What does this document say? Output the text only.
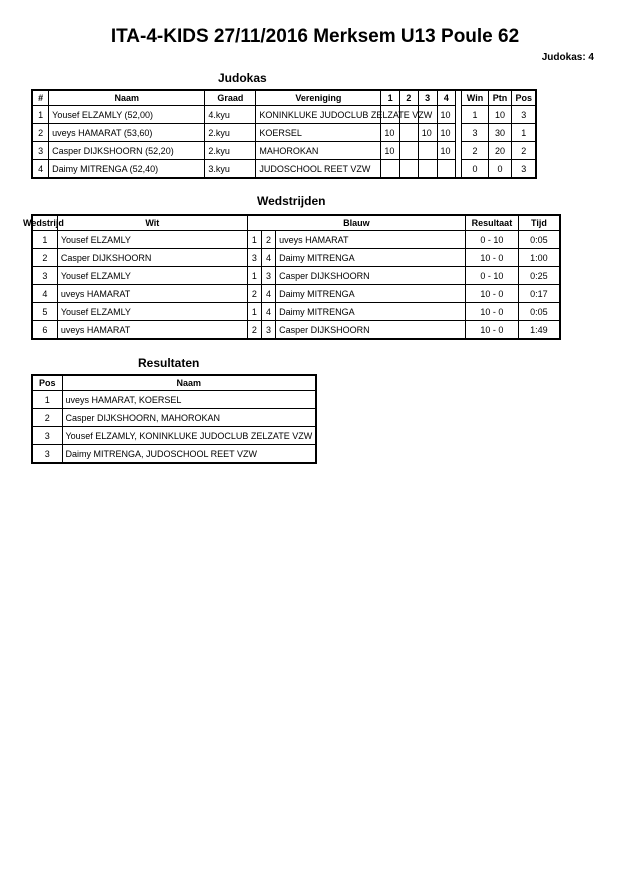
ITA-4-KIDS 27/11/2016 Merksem U13 Poule 62
Judokas: 4
Judokas
#	Naam	Graad	Vereniging	1	2	3	4		Win	Ptn	Pos
1	Yousef ELZAMLY (52,00)	4.kyu	KONINKLUKE JUDOCLUB ZELZATE VZW				10		1	10	3
2	uveys HAMARAT (53,60)	2.kyu	KOERSEL	10		10	10		3	30	1
3	Casper DIJKSHOORN (52,20)	2.kyu	MAHOROKAN	10			10		2	20	2
4	Daimy MITRENGA (52,40)	3.kyu	JUDOSCHOOL REET VZW						0	0	3
Wedstrijden
Wedstrijd	Wit	Blauw	Resultaat	Tijd
1	Yousef ELZAMLY	1	2	uveys HAMARAT	0 - 10	0:05
2	Casper DIJKSHOORN	3	4	Daimy MITRENGA	10 - 0	1:00
3	Yousef ELZAMLY	1	3	Casper DIJKSHOORN	0 - 10	0:25
4	uveys HAMARAT	2	4	Daimy MITRENGA	10 - 0	0:17
5	Yousef ELZAMLY	1	4	Daimy MITRENGA	10 - 0	0:05
6	uveys HAMARAT	2	3	Casper DIJKSHOORN	10 - 0	1:49
Resultaten
Pos	Naam
1	uveys HAMARAT, KOERSEL
2	Casper DIJKSHOORN, MAHOROKAN
3	Yousef ELZAMLY, KONINKLUKE JUDOCLUB ZELZATE VZW
3	Daimy MITRENGA, JUDOSCHOOL REET VZW
